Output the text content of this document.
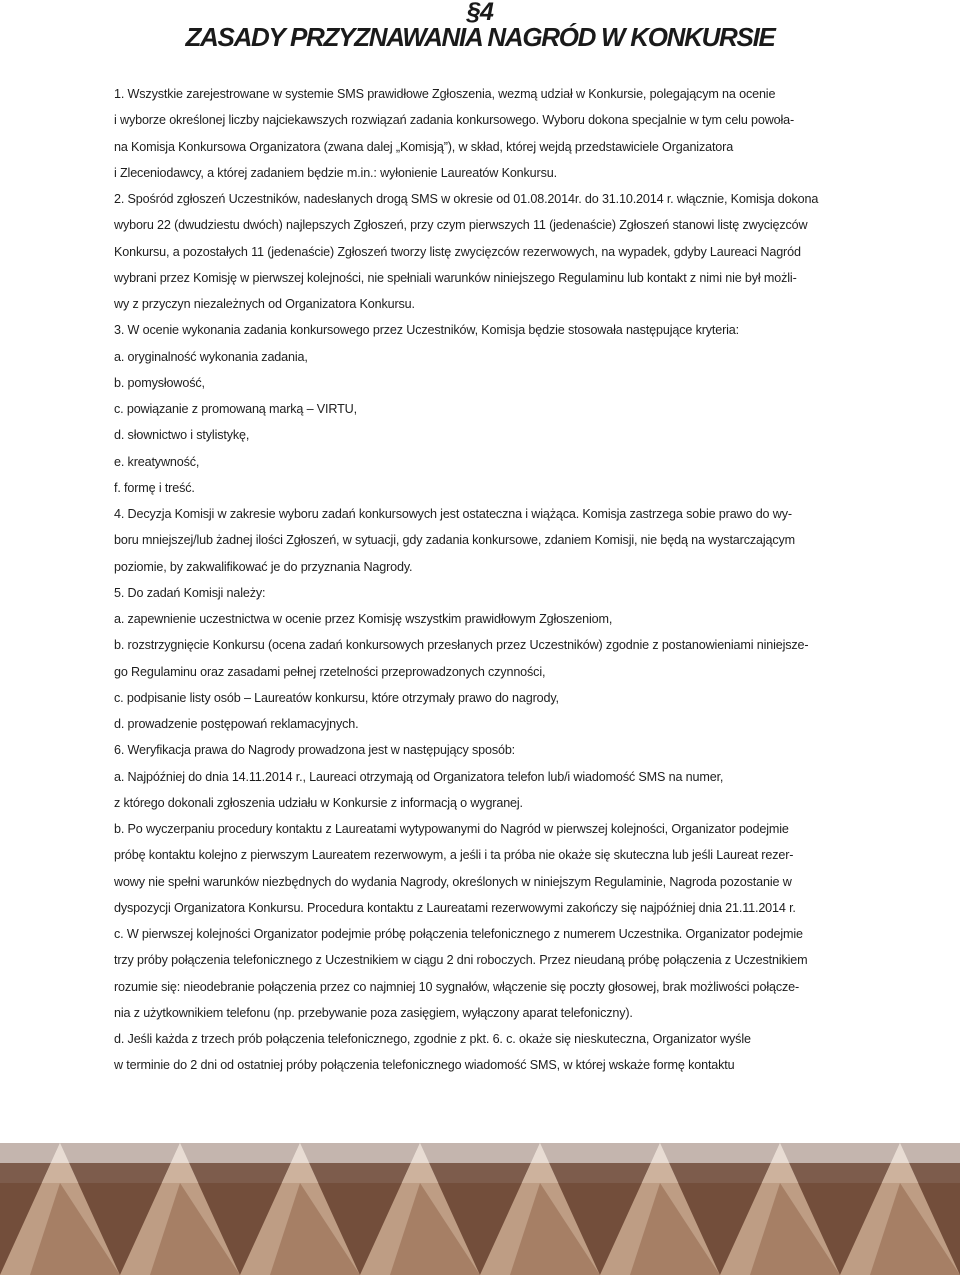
§4
ZASADY PRZYZNAWANIA NAGRÓD W KONKURSIE
1. Wszystkie zarejestrowane w systemie SMS prawidłowe Zgłoszenia, wezmą udział w Konkursie, polegającym na ocenie
i wyborze określonej liczby najciekawszych rozwiązań zadania konkursowego. Wyboru dokona specjalnie w tym celu powoła-
na Komisja Konkursowa Organizatora (zwana dalej „Komisją”), w skład, której wejdą przedstawiciele Organizatora
i Zleceniodawcy, a której zadaniem będzie m.in.: wyłonienie Laureatów Konkursu.
2. Spośród zgłoszeń Uczestników, nadesłanych drogą SMS w okresie od 01.08.2014r. do 31.10.2014 r. włącznie, Komisja dokona
wyboru 22 (dwudziestu dwóch) najlepszych Zgłoszeń, przy czym pierwszych 11 (jedenaście) Zgłoszeń stanowi listę zwycięzców
Konkursu, a pozostałych 11 (jedenaście) Zgłoszeń tworzy listę zwycięzców rezerwowych, na wypadek, gdyby Laureaci Nagród
wybrani przez Komisję w pierwszej kolejności, nie spełniali warunków niniejszego Regulaminu lub kontakt z nimi nie był możli-
wy z przyczyn niezależnych od Organizatora Konkursu.
3. W ocenie wykonania zadania konkursowego przez Uczestników, Komisja będzie stosowała następujące kryteria:
a. oryginalność wykonania zadania,
b. pomysłowość,
c. powiązanie z promowaną marką – VIRTU,
d. słownictwo i stylistykę,
e. kreatywność,
f. formę i treść.
4. Decyzja Komisji w zakresie wyboru zadań konkursowych jest ostateczna i wiążąca. Komisja zastrzega sobie prawo do wy-
boru mniejszej/lub żadnej ilości Zgłoszeń, w sytuacji, gdy zadania konkursowe, zdaniem Komisji, nie będą na wystarczającym
poziomie, by zakwalifikować je do przyznania Nagrody.
5. Do zadań Komisji należy:
a. zapewnienie uczestnictwa w ocenie przez Komisję wszystkim prawidłowym Zgłoszeniom,
b. rozstrzygnięcie Konkursu (ocena zadań konkursowych przesłanych przez Uczestników) zgodnie z postanowieniami niniejsze-
go Regulaminu oraz zasadami pełnej rzetelności przeprowadzonych czynności,
c. podpisanie listy osób – Laureatów konkursu, które otrzymały prawo do nagrody,
d. prowadzenie postępowań reklamacyjnych.
6. Weryfikacja prawa do Nagrody prowadzona jest w następujący sposób:
a. Najpóźniej do dnia 14.11.2014 r., Laureaci otrzymają od Organizatora telefon lub/i wiadomość SMS na numer,
z którego dokonali zgłoszenia udziału w Konkursie z informacją o wygranej.
b. Po wyczerpaniu procedury kontaktu z Laureatami wytypowanymi do Nagród w pierwszej kolejności, Organizator podejmie
próbę kontaktu kolejno z pierwszym Laureatem rezerwowym, a jeśli i ta próba nie okaże się skuteczna lub jeśli Laureat rezer-
wowy nie spełni warunków niezbędnych do wydania Nagrody, określonych w niniejszym Regulaminie, Nagroda pozostanie w
dyspozycji Organizatora Konkursu. Procedura kontaktu z Laureatami rezerwowymi zakończy się najpóźniej dnia 21.11.2014 r.
c. W pierwszej kolejności Organizator podejmie próbę połączenia telefonicznego z numerem Uczestnika. Organizator podejmie
trzy próby połączenia telefonicznego z Uczestnikiem w ciągu 2 dni roboczych. Przez nieudaną próbę połączenia z Uczestnikiem
rozumie się: nieodebranie połączenia przez co najmniej 10 sygnałów, włączenie się poczty głosowej, brak możliwości połącze-
nia z użytkownikiem telefonu (np. przebywanie poza zasięgiem, wyłączony aparat telefoniczny).
d. Jeśli każda z trzech prób połączenia telefonicznego, zgodnie z pkt. 6. c. okaże się nieskuteczna, Organizator wyśle
w terminie do 2 dni od ostatniej próby połączenia telefonicznego wiadomość SMS, w której wskaże formę kontaktu
